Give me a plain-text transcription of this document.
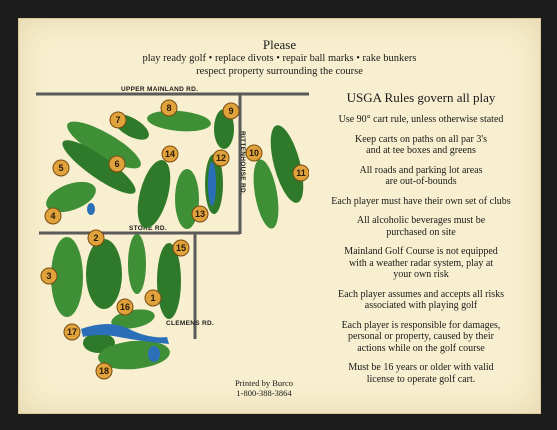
Please
play ready golf • replace divots • repair ball marks • rake bunkers
respect property surrounding the course
UPPER MAINLAND RD.
RITTENHOUSE RD.
STORE RD.
CLEMENS RD.
1
2
3
4
5	6
7
8	9
10
11
12
13
14
15
16
17
18
USGA Rules govern all play
Use 90° cart rule, unless otherwise stated
Keep carts on paths on all par 3's
and at tee boxes and greens
All roads and parking lot areas
are out-of-bounds
Each player must have their own set of clubs
All alcoholic beverages must be
purchased on site
Mainland Golf Course is not equipped
with a weather radar system, play at
your own risk
Each player assumes and accepts all risks
associated with playing golf
Each player is responsible for damages,
personal or property, caused by their
actions while on the golf course
Must be 16 years or older with valid
license to operate golf cart.
Printed by Burco
1-800-388-3864
